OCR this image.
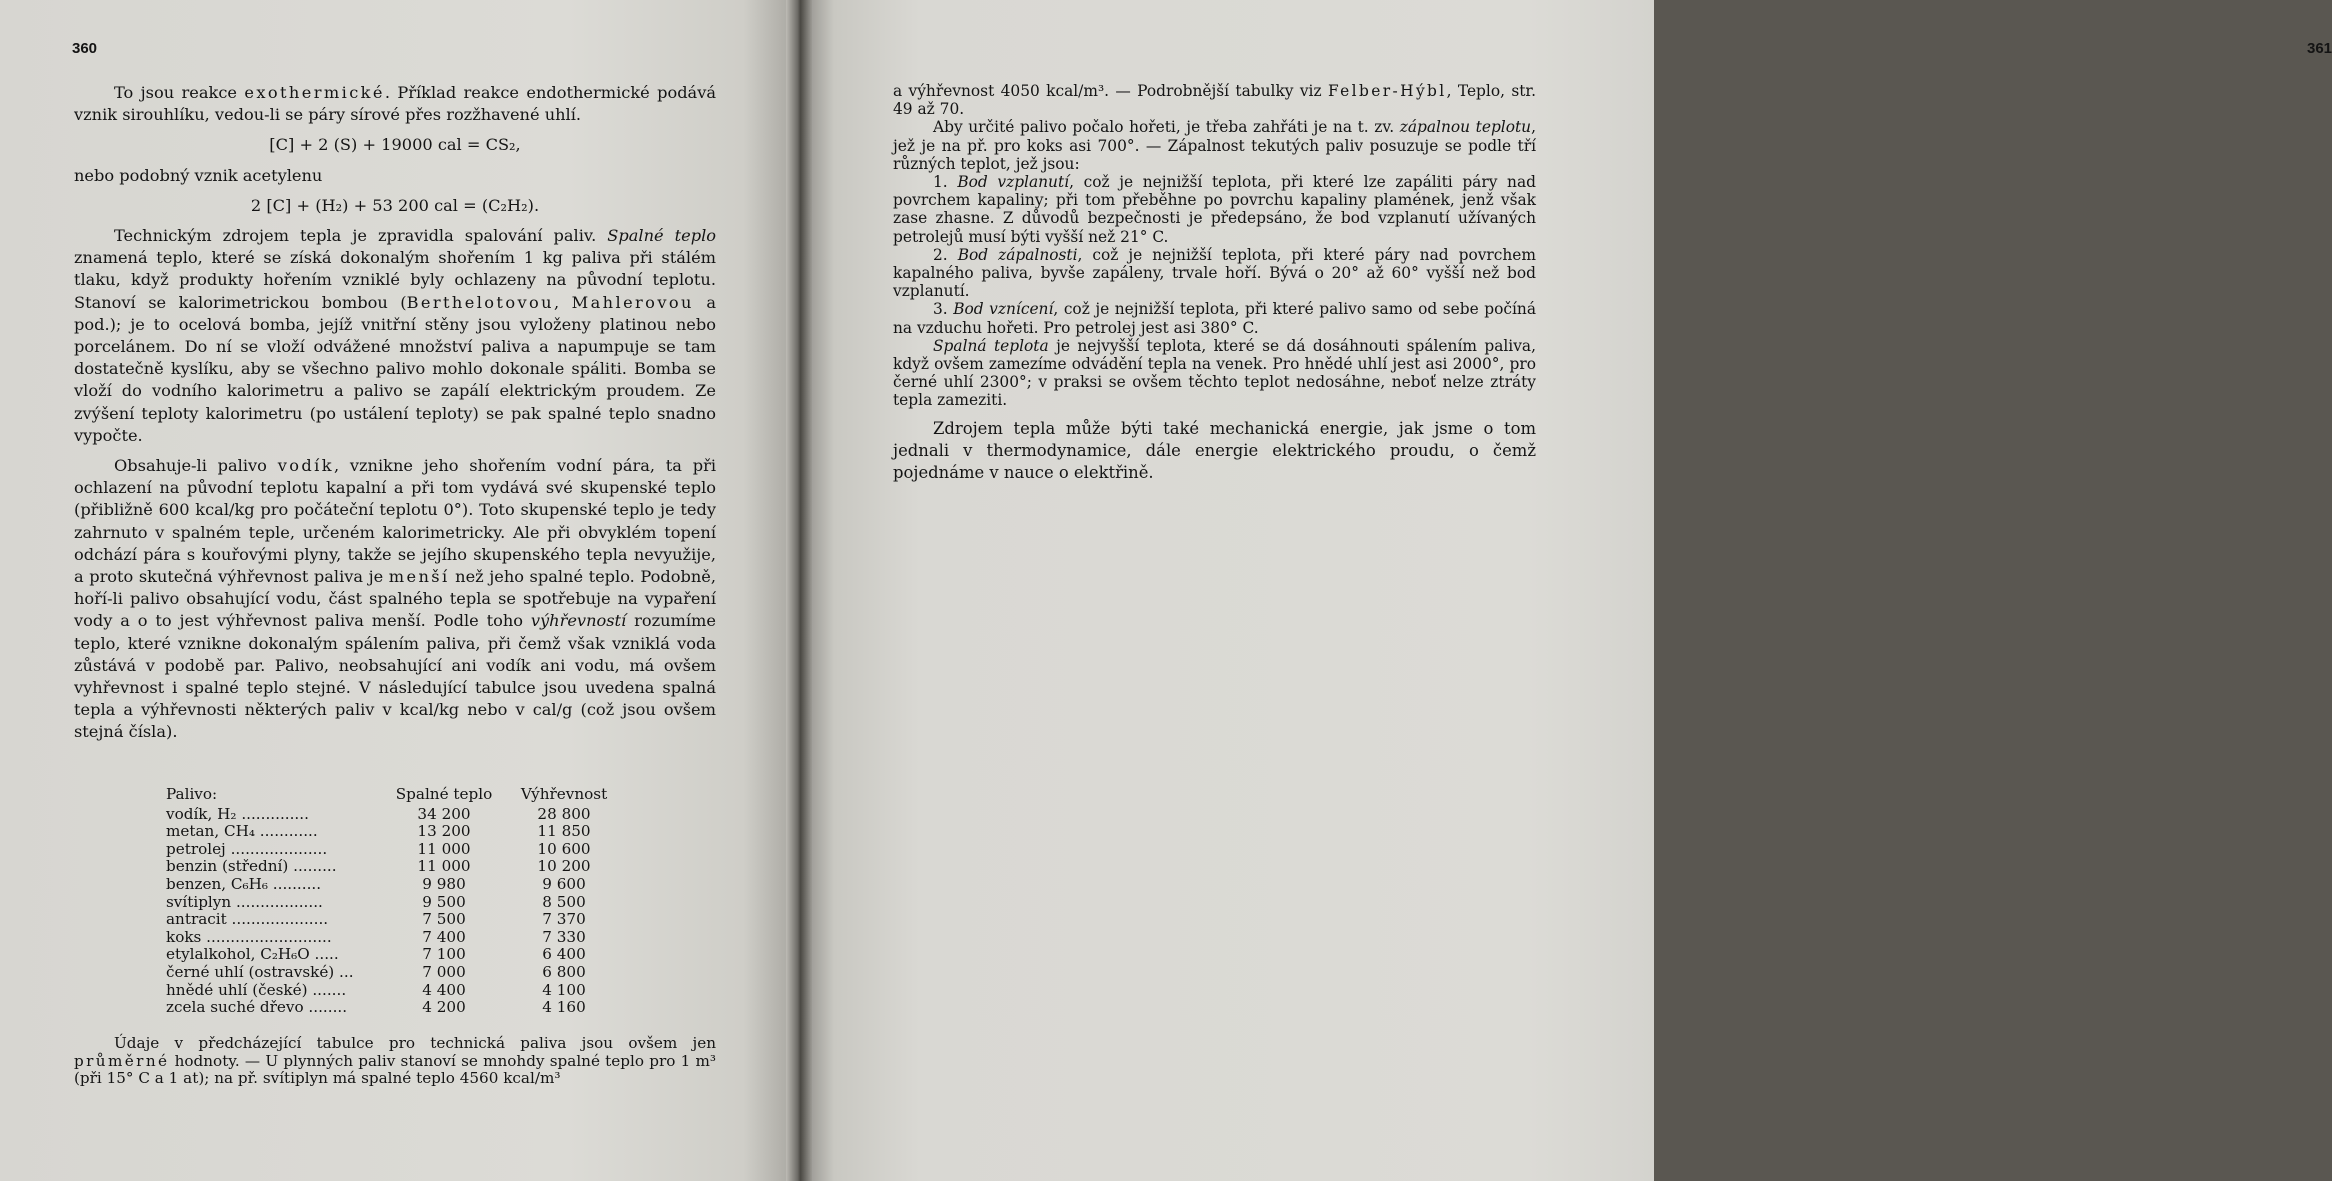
360

To jsou reakce exothermické. Příklad reakce endothermické podává vznik sirouhlíku, vedou-li se páry sírové přes rozžhavené uhlí.

[C] + 2 (S) + 19000 cal = CS₂,

nebo podobný vznik acetylenu

2 [C] + (H₂) + 53 200 cal = (C₂H₂).

Technickým zdrojem tepla je zpravidla spalování paliv. Spalné teplo znamená teplo, které se získá dokonalým shořením 1 kg paliva při stálém tlaku, když produkty hořením vzniklé byly ochlazeny na původní teplotu. Stanoví se kalorimetrickou bombou (Berthelotovou, Mahlerovou a pod.); je to ocelová bomba, jejíž vnitřní stěny jsou vyloženy platinou nebo porcelánem. Do ní se vloží odvážené množství paliva a napumpuje se tam dostatečně kyslíku, aby se všechno palivo mohlo dokonale spáliti. Bomba se vloží do vodního kalorimetru a palivo se zapálí elektrickým proudem. Ze zvýšení teploty kalorimetru (po ustálení teploty) se pak spalné teplo snadno vypočte.

Obsahuje-li palivo vodík, vznikne jeho shořením vodní pára, ta při ochlazení na původní teplotu kapalní a při tom vydává své skupenské teplo (přibližně 600 kcal/kg pro počáteční teplotu 0°). Toto skupenské teplo je tedy zahrnuto v spalném teple, určeném kalorimetricky. Ale při obvyklém topení odchází pára s kouřovými plyny, takže se jejího skupenského tepla nevyužije, a proto skutečná výhřevnost paliva je menší než jeho spalné teplo. Podobně, hoří-li palivo obsahující vodu, část spalného tepla se spotřebuje na vypaření vody a o to jest výhřevnost paliva menší. Podle toho výhřevností rozumíme teplo, které vznikne dokonalým spálením paliva, při čemž však vzniklá voda zůstává v podobě par. Palivo, neobsahující ani vodík ani vodu, má ovšem vyhřevnost i spalné teplo stejné. V následující tabulce jsou uvedena spalná tepla a výhřevnosti některých paliv v kcal/kg nebo v cal/g (což jsou ovšem stejná čísla).

Palivo:	Spalné teplo	Výhřevnost
vodík, H₂ ..............	34 200	28 800
metan, CH₄ ............	13 200	11 850
petrolej ....................	11 000	10 600
benzin (střední) .........	11 000	10 200
benzen, C₆H₆ ..........	9 980	9 600
svítiplyn ..................	9 500	8 500
antracit ....................	7 500	7 370
koks ..........................	7 400	7 330
etylalkohol, C₂H₆O .....	7 100	6 400
černé uhlí (ostravské) ...	7 000	6 800
hnědé uhlí (české) .......	4 400	4 100
zcela suché dřevo ........	4 200	4 160

Údaje v předcházející tabulce pro technická paliva jsou ovšem jen průměrné hodnoty. — U plynných paliv stanoví se mnohdy spalné teplo pro 1 m³ (při 15° C a 1 at); na př. svítiplyn má spalné teplo 4560 kcal/m³

361

a výhřevnost 4050 kcal/m³. — Podrobnější tabulky viz Felber-Hýbl, Teplo, str. 49 až 70.

Aby určité palivo počalo hořeti, je třeba zahřáti je na t. zv. zápalnou teplotu, jež je na př. pro koks asi 700°. — Zápalnost tekutých paliv posuzuje se podle tří různých teplot, jež jsou:

1. Bod vzplanutí, což je nejnižší teplota, při které lze zapáliti páry nad povrchem kapaliny; při tom přeběhne po povrchu kapaliny plamének, jenž však zase zhasne. Z důvodů bezpečnosti je předepsáno, že bod vzplanutí užívaných petrolejů musí býti vyšší než 21° C.

2. Bod zápalnosti, což je nejnižší teplota, při které páry nad povrchem kapalného paliva, byvše zapáleny, trvale hoří. Bývá o 20° až 60° vyšší než bod vzplanutí.

3. Bod vznícení, což je nejnižší teplota, při které palivo samo od sebe počíná na vzduchu hořeti. Pro petrolej jest asi 380° C.

Spalná teplota je nejvyšší teplota, které se dá dosáhnouti spálením paliva, když ovšem zamezíme odvádění tepla na venek. Pro hnědé uhlí jest asi 2000°, pro černé uhlí 2300°; v praksi se ovšem těchto teplot nedosáhne, neboť nelze ztráty tepla zameziti.

Zdrojem tepla může býti také mechanická energie, jak jsme o tom jednali v thermodynamice, dále energie elektrického proudu, o čemž pojednáme v nauce o elektřině.
